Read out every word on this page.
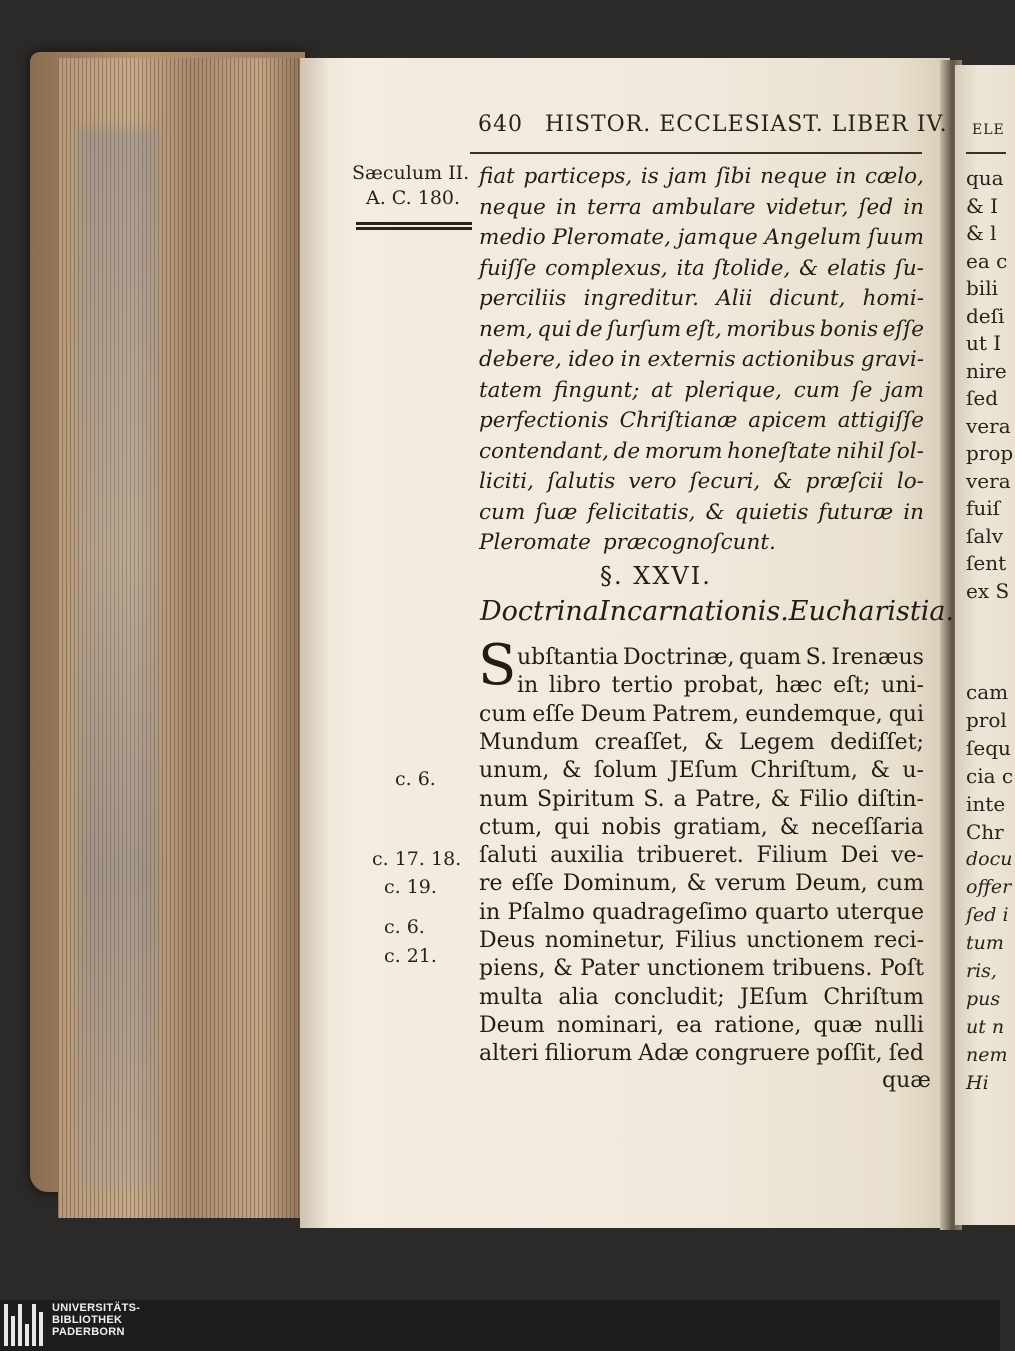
640 HISTOR. ECCLESIAST. LIBER IV.
Sæculum II.
A. C. 180.
c. 6.
c. 17. 18.
c. 19.
c. 6.
c. 21.
fiat particeps, is jam ſibi neque in cælo,
neque in terra ambulare videtur, ſed in
medio Pleromate, jamque Angelum ſuum
fuiſſe complexus, ita ſtolide, & elatis ſu-
perciliis ingreditur. Alii dicunt, homi-
nem, qui de ſurſum eſt, moribus bonis eſſe
debere, ideo in externis actionibus gravi-
tatem fingunt; at plerique, cum ſe jam
perfectionis Chriſtianæ apicem attigiſſe
contendant, de morum honeſtate nihil ſol-
liciti, ſalutis vero ſecuri, & præſcii lo-
cum ſuæ felicitatis, & quietis futuræ in
Pleromate præcognoſcunt.
§. XXVI.
Doctrina Incarnationis. Eucharistia.
S ubſtantia Doctrinæ, quam S. Irenæus
in libro tertio probat, hæc eſt; uni-
cum eſſe Deum Patrem, eundemque, qui
Mundum creaſſet, & Legem dediſſet;
unum, & ſolum JEſum Chriſtum, & u-
num Spiritum S. a Patre, & Filio diſtin-
ctum, qui nobis gratiam, & neceſſaria
ſaluti auxilia tribueret. Filium Dei ve-
re eſſe Dominum, & verum Deum, cum
in Pſalmo quadrageſimo quarto uterque
Deus nominetur, Filius unctionem reci-
piens, & Pater unctionem tribuens. Poſt
multa alia concludit; JEſum Chriſtum
Deum nominari, ea ratione, quæ nulli
alteri filiorum Adæ congruere poſſit, ſed
quæ
ELE
qua
& I
& l
ea c
bili
deſi
ut I
nire
ſed
vera
prop
vera
fuiſ
ſalv
ſent
ex S
cam
prol
ſequ
cia c
inte
Chr
docu
offer
ſed i
tum
ris,
pus
ut n
nem
Hi
UNIVERSITÄTS-
BIBLIOTHEK
PADERBORN
